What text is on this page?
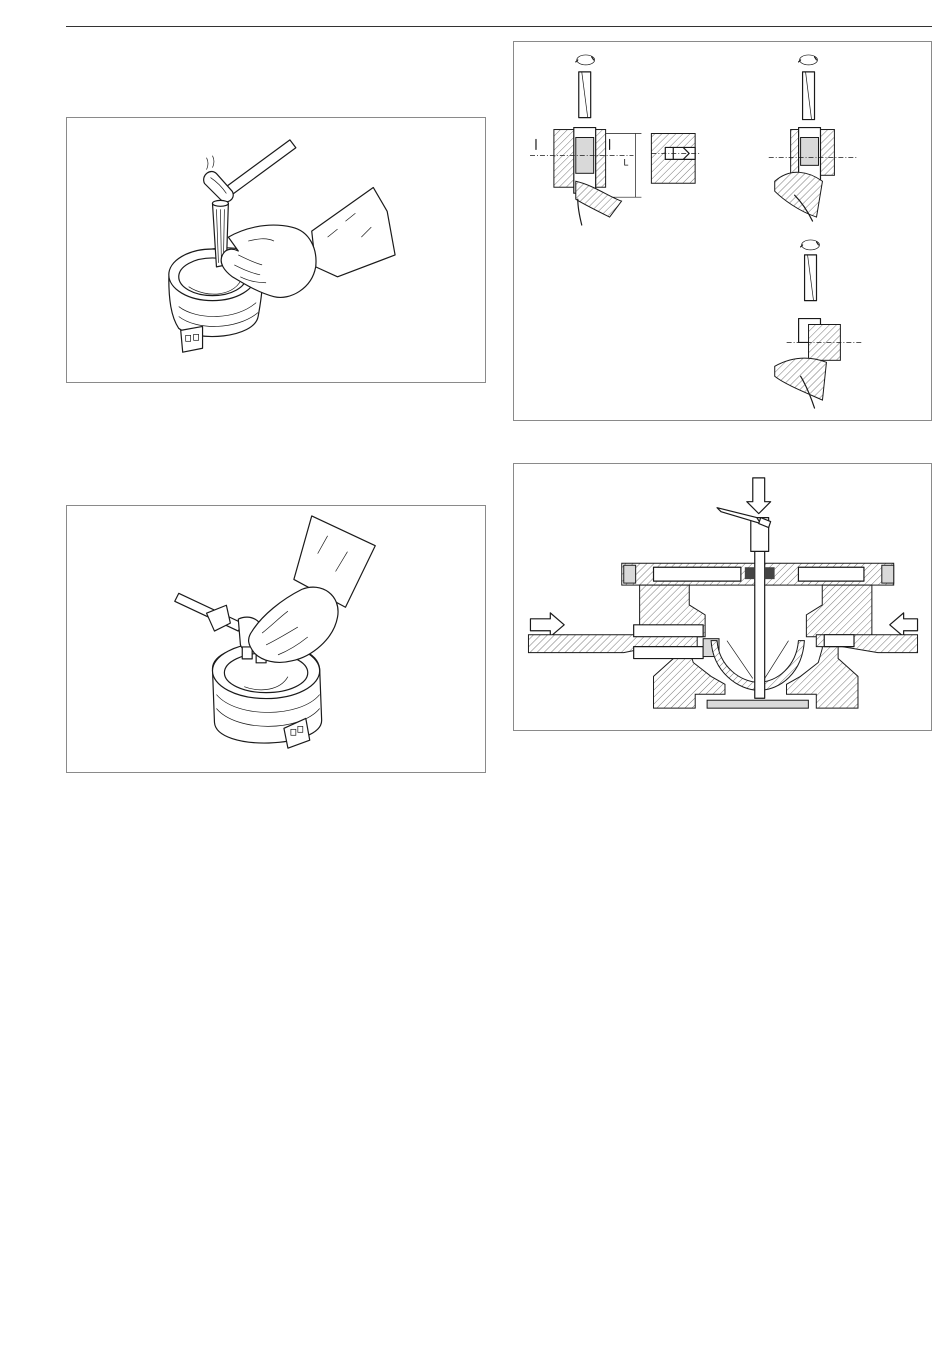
L
